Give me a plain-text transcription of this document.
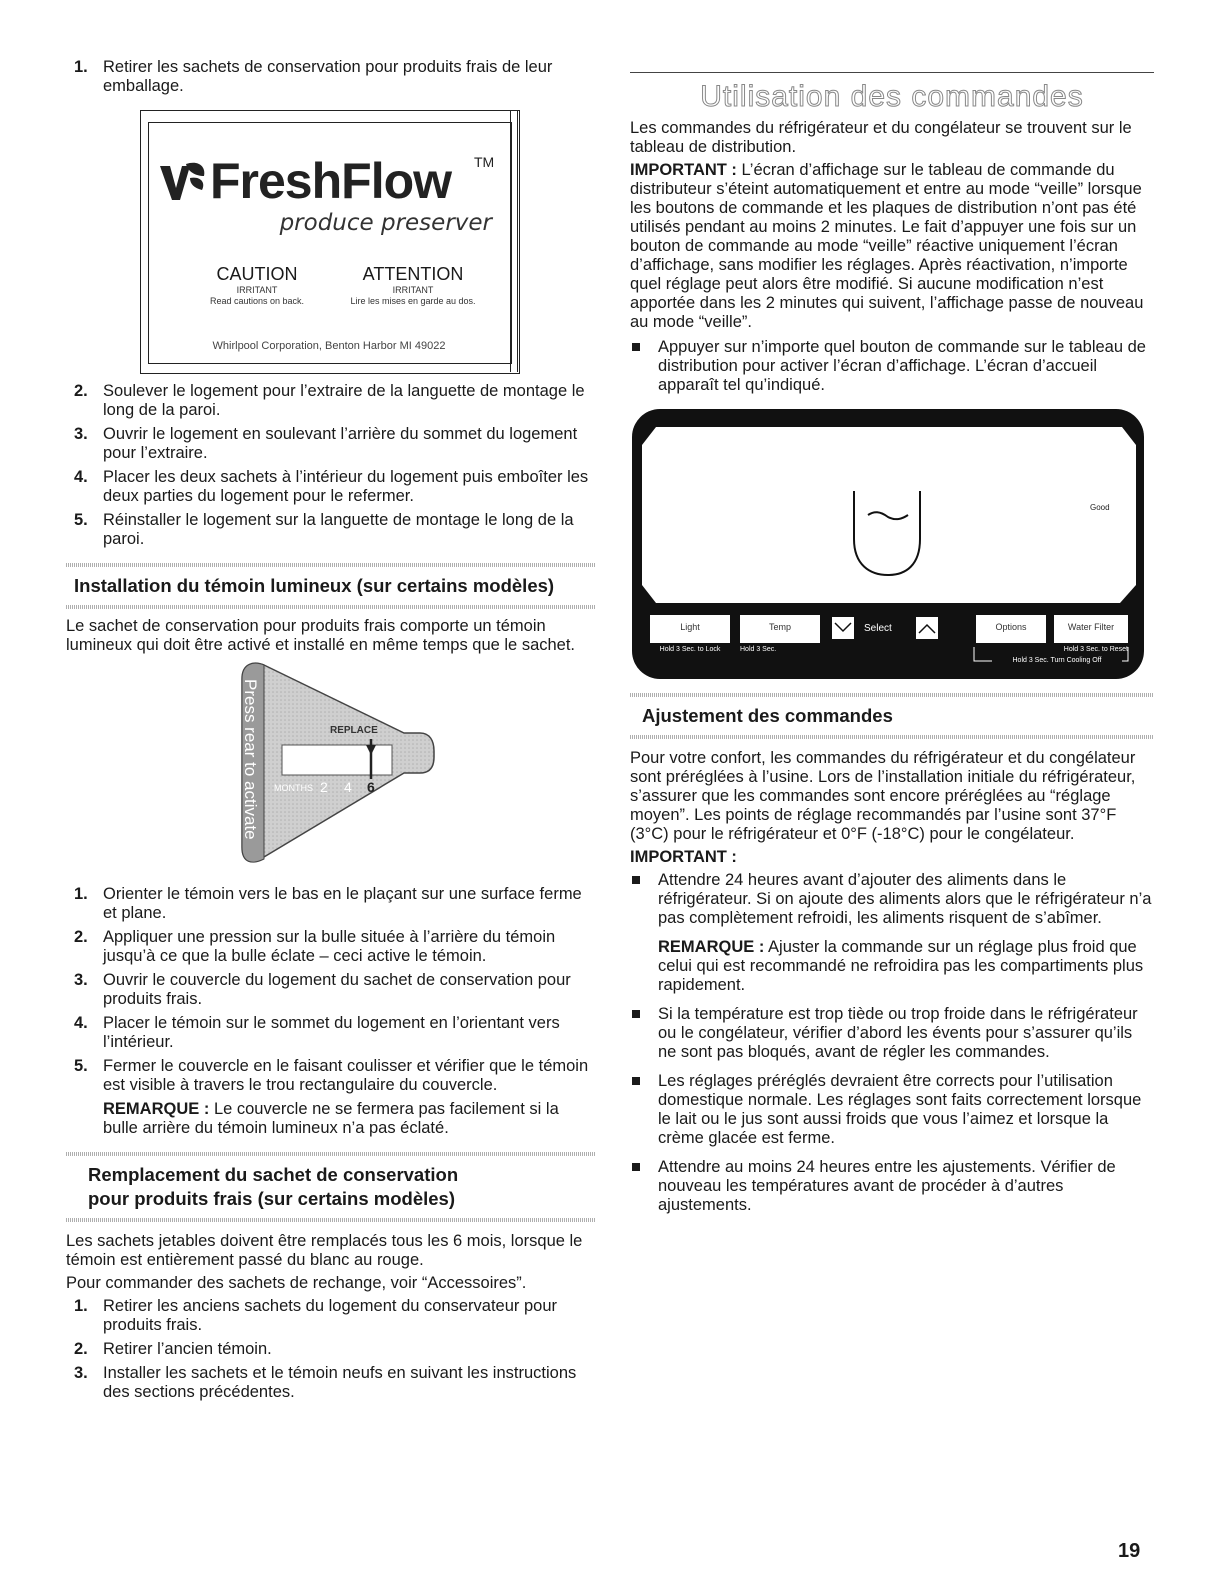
1. Retirer les sachets de conservation pour produits frais de leur emballage.
FreshFlow TM
produce preserver
CAUTION
IRRITANT
Read cautions on back.
ATTENTION
IRRITANT
Lire les mises en garde au dos.
Whirlpool Corporation, Benton Harbor MI 49022
2. Soulever le logement pour l’extraire de la languette de montage le long de la paroi.
3. Ouvrir le logement en soulevant l’arrière du sommet du logement pour l’extraire.
4. Placer les deux sachets à l’intérieur du logement puis emboîter les deux parties du logement pour le refermer.
5. Réinstaller le logement sur la languette de montage le long de la paroi.
Installation du témoin lumineux (sur certains modèles)

Le sachet de conservation pour produits frais comporte un témoin lumineux qui doit être activé et installé en même temps que le sachet.

Press rear to activate	REPLACE
MONTHS 2 4 6
1. Orienter le témoin vers le bas en le plaçant sur une surface ferme et plane.
2. Appliquer une pression sur la bulle située à l’arrière du témoin jusqu’à ce que la bulle éclate – ceci active le témoin.
3. Ouvrir le couvercle du logement du sachet de conservation pour produits frais.
4. Placer le témoin sur le sommet du logement en l’orientant vers l’intérieur.
5. Fermer le couvercle en le faisant coulisser et vérifier que le témoin est visible à travers le trou rectangulaire du couvercle.
REMARQUE : Le couvercle ne se fermera pas facilement si la bulle arrière du témoin lumineux n’a pas éclaté.
Remplacement du sachet de conservation
pour produits frais (sur certains modèles)

Les sachets jetables doivent être remplacés tous les 6 mois, lorsque le témoin est entièrement passé du blanc au rouge.

Pour commander des sachets de rechange, voir “Accessoires”.

1. Retirer les anciens sachets du logement du conservateur pour produits frais.
2. Retirer l’ancien témoin.
3. Installer les sachets et le témoin neufs en suivant les instructions des sections précédentes.
Utilisation des commandes

Les commandes du réfrigérateur et du congélateur se trouvent sur le tableau de distribution.

IMPORTANT : L’écran d’affichage sur le tableau de commande du distributeur s’éteint automatiquement et entre au mode “veille” lorsque les boutons de commande et les plaques de distribution n’ont pas été utilisés pendant au moins 2 minutes. Le fait d’appuyer une fois sur un bouton de commande au mode “veille” réactive uniquement l’écran d’affichage, sans modifier les réglages. Après réactivation, n’importe quel réglage peut alors être modifié. Si aucune modification n’est apportée dans les 2 minutes qui suivent, l’affichage passe de nouveau au mode “veille”.

Appuyer sur n’importe quel bouton de commande sur le tableau de distribution pour activer l’écran d’affichage. L’écran d’accueil apparaît tel qu’indiqué.
Good
Light
Hold 3 Sec. to Lock
Temp
Hold 3 Sec.
Select	Options	Water Filter
Hold 3 Sec. to Reset
Hold 3 Sec. Turn Cooling Off
Ajustement des commandes

Pour votre confort, les commandes du réfrigérateur et du congélateur sont préréglées à l’usine. Lors de l’installation initiale du réfrigérateur, s’assurer que les commandes sont encore préréglées au “réglage moyen”. Les points de réglage recommandés par l’usine sont 37°F (3°C) pour le réfrigérateur et 0°F (-18°C) pour le congélateur.

IMPORTANT :

Attendre 24 heures avant d’ajouter des aliments dans le réfrigérateur. Si on ajoute des aliments alors que le réfrigérateur n’a pas complètement refroidi, les aliments risquent de s’abîmer.
REMARQUE : Ajuster la commande sur un réglage plus froid que celui qui est recommandé ne refroidira pas les compartiments plus rapidement.
Si la température est trop tiède ou trop froide dans le réfrigérateur ou le congélateur, vérifier d’abord les évents pour s’assurer qu’ils ne sont pas bloqués, avant de régler les commandes.
Les réglages préréglés devraient être corrects pour l’utilisation domestique normale. Les réglages sont faits correctement lorsque le lait ou le jus sont aussi froids que vous l’aimez et lorsque la crème glacée est ferme.
Attendre au moins 24 heures entre les ajustements. Vérifier de nouveau les températures avant de procéder à d’autres ajustements.
19
